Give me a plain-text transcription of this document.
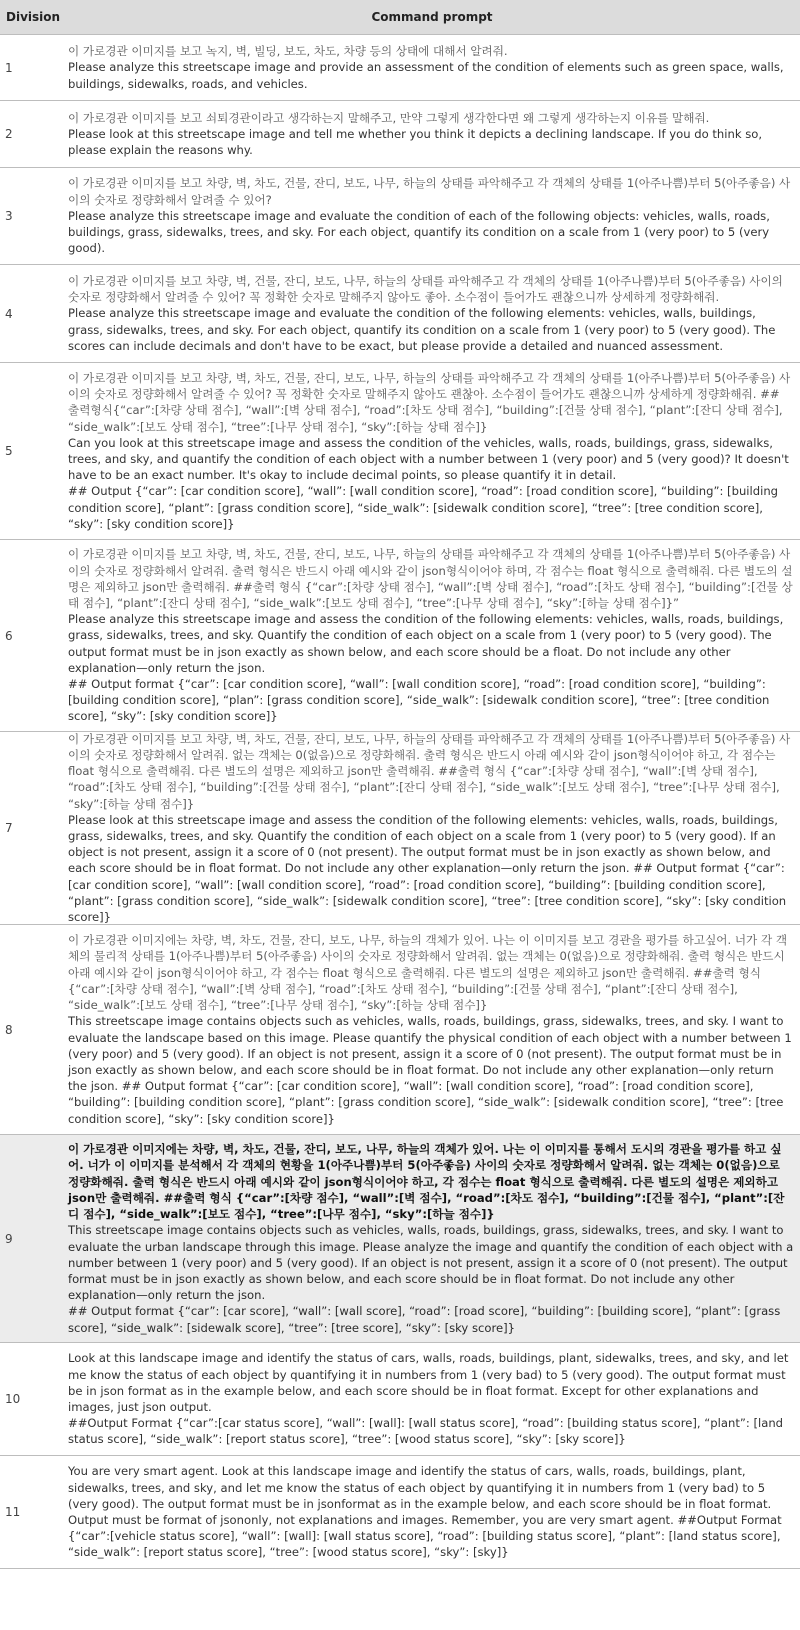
Division	Command prompt
1	이 가로경관 이미지를 보고 녹지, 벽, 빌딩, 보도, 차도, 차량 등의 상태에 대해서 알려줘.

Please analyze this streetscape image and provide an assessment of the condition of elements such as green space, walls, buildings, sidewalks, roads, and vehicles.

2	이 가로경관 이미지를 보고 쇠퇴경관이라고 생각하는지 말해주고, 만약 그렇게 생각한다면 왜 그렇게 생각하는지 이유를 말해줘.

Please look at this streetscape image and tell me whether you think it depicts a declining landscape. If you do think so, please explain the reasons why.

3	이 가로경관 이미지를 보고 차량, 벽, 차도, 건물, 잔디, 보도, 나무, 하늘의 상태를 파악해주고 각 객체의 상태를 1(아주나쁨)부터 5(아주좋음) 사이의 숫자로 정량화해서 알려줄 수 있어?

Please analyze this streetscape image and evaluate the condition of each of the following objects: vehicles, walls, roads, buildings, grass, sidewalks, trees, and sky. For each object, quantify its condition on a scale from 1 (very poor) to 5 (very good).

4	이 가로경관 이미지를 보고 차량, 벽, 건물, 잔디, 보도, 나무, 하늘의 상태를 파악해주고 각 객체의 상태를 1(아주나쁨)부터 5(아주좋음) 사이의 숫자로 정량화해서 알려줄 수 있어? 꼭 정확한 숫자로 말해주지 않아도 좋아. 소수점이 들어가도 괜찮으니까 상세하게 정량화해줘.

Please analyze this streetscape image and evaluate the condition of the following elements: vehicles, walls, buildings, grass, sidewalks, trees, and sky. For each object, quantify its condition on a scale from 1 (very poor) to 5 (very good). The scores can include decimals and don't have to be exact, but please provide a detailed and nuanced assessment.

5	이 가로경관 이미지를 보고 차량, 벽, 차도, 건물, 잔디, 보도, 나무, 하늘의 상태를 파악해주고 각 객체의 상태를 1(아주나쁨)부터 5(아주좋음) 사이의 숫자로 정량화해서 알려줄 수 있어? 꼭 정확한 숫자로 말해주지 않아도 괜찮아. 소수점이 들어가도 괜찮으니까 상세하게 정량화해줘. ## 출력형식{“car”:[차량 상태 점수], “wall”:[벽 상태 점수], “road”:[차도 상태 점수], “building”:[건물 상태 점수], “plant”:[잔디 상태 점수], “side_walk”:[보도 상태 점수], “tree”:[나무 상태 점수], “sky”:[하늘 상태 점수]}

Can you look at this streetscape image and assess the condition of the vehicles, walls, roads, buildings, grass, sidewalks, trees, and sky, and quantify the condition of each object with a number between 1 (very poor) and 5 (very good)? It doesn't have to be an exact number. It's okay to include decimal points, so please quantify it in detail.

## Output {“car”: [car condition score], “wall”: [wall condition score], “road”: [road condition score], “building”: [building condition score], “plant”: [grass condition score], “side_walk”: [sidewalk condition score], “tree”: [tree condition score], “sky”: [sky condition score]}

6	이 가로경관 이미지를 보고 차량, 벽, 차도, 건물, 잔디, 보도, 나무, 하늘의 상태를 파악해주고 각 객체의 상태를 1(아주나쁨)부터 5(아주좋음) 사이의 숫자로 정량화해서 알려줘. 출력 형식은 반드시 아래 예시와 같이 json형식이어야 하며, 각 점수는 float 형식으로 출력해줘. 다른 별도의 설명은 제외하고 json만 출력해줘. ##출력 형식 {“car”:[차량 상태 점수], “wall”:[벽 상태 점수], “road”:[차도 상태 점수], “building”:[건물 상태 점수], “plant”:[잔디 상태 점수], “side_walk”:[보도 상태 점수], “tree”:[나무 상태 점수], “sky”:[하늘 상태 점수]}”

Please analyze this streetscape image and assess the condition of the following elements: vehicles, walls, roads, buildings, grass, sidewalks, trees, and sky. Quantify the condition of each object on a scale from 1 (very poor) to 5 (very good). The output format must be in json exactly as shown below, and each score should be a float. Do not include any other explanation—only return the json.

## Output format {“car”: [car condition score], “wall”: [wall condition score], “road”: [road condition score], “building”: [building condition score], “plan”: [grass condition score], “side_walk”: [sidewalk condition score], “tree”: [tree condition score], “sky”: [sky condition score]}

7	이 가로경관 이미지를 보고 차량, 벽, 차도, 건물, 잔디, 보도, 나무, 하늘의 상태를 파악해주고 각 객체의 상태를 1(아주나쁨)부터 5(아주좋음) 사이의 숫자로 정량화해서 알려줘. 없는 객체는 0(없음)으로 정량화해줘. 출력 형식은 반드시 아래 예시와 같이 json형식이어야 하고, 각 점수는 float 형식으로 출력해줘. 다른 별도의 설명은 제외하고 json만 출력해줘. ##출력 형식 {“car”:[차량 상태 점수], “wall”:[벽 상태 점수], “road”:[차도 상태 점수], “building”:[건물 상태 점수], “plant”:[잔디 상태 점수], “side_walk”:[보도 상태 점수], “tree”:[나무 상태 점수], “sky”:[하늘 상태 점수]}

Please look at this streetscape image and assess the condition of the following elements: vehicles, walls, roads, buildings, grass, sidewalks, trees, and sky. Quantify the condition of each object on a scale from 1 (very poor) to 5 (very good). If an object is not present, assign it a score of 0 (not present). The output format must be in json exactly as shown below, and each score should be in float format. Do not include any other explanation—only return the json. ## Output format {“car”: [car condition score], “wall”: [wall condition score], “road”: [road condition score], “building”: [building condition score], “plant”: [grass condition score], “side_walk”: [sidewalk condition score], “tree”: [tree condition score], “sky”: [sky condition score]}

8	이 가로경관 이미지에는 차량, 벽, 차도, 건물, 잔디, 보도, 나무, 하늘의 객체가 있어. 나는 이 이미지를 보고 경관을 평가를 하고싶어. 너가 각 객체의 물리적 상태를 1(아주나쁨)부터 5(아주좋음) 사이의 숫자로 정량화해서 알려줘. 없는 객체는 0(없음)으로 정량화해줘. 출력 형식은 반드시 아래 예시와 같이 json형식이어야 하고, 각 점수는 float 형식으로 출력해줘. 다른 별도의 설명은 제외하고 json만 출력해줘. ##출력 형식 {“car”:[차량 상태 점수], “wall”:[벽 상태 점수], “road”:[차도 상태 점수], “building”:[건물 상태 점수], “plant”:[잔디 상태 점수], “side_walk”:[보도 상태 점수], “tree”:[나무 상태 점수], “sky”:[하늘 상태 점수]}

This streetscape image contains objects such as vehicles, walls, roads, buildings, grass, sidewalks, trees, and sky. I want to evaluate the landscape based on this image. Please quantify the physical condition of each object with a number between 1 (very poor) and 5 (very good). If an object is not present, assign it a score of 0 (not present). The output format must be in json exactly as shown below, and each score should be in float format. Do not include any other explanation—only return the json. ## Output format {“car”: [car condition score], “wall”: [wall condition score], “road”: [road condition score], “building”: [building condition score], “plant”: [grass condition score], “side_walk”: [sidewalk condition score], “tree”: [tree condition score], “sky”: [sky condition score]}

9	이 가로경관 이미지에는 차량, 벽, 차도, 건물, 잔디, 보도, 나무, 하늘의 객체가 있어. 나는 이 이미지를 통해서 도시의 경관을 평가를 하고 싶어. 너가 이 이미지를 분석해서 각 객체의 현황을 1(아주나쁨)부터 5(아주좋음) 사이의 숫자로 정량화해서 알려줘. 없는 객체는 0(없음)으로 정량화해줘. 출력 형식은 반드시 아래 예시와 같이 json형식이어야 하고, 각 점수는 float 형식으로 출력해줘. 다른 별도의 설명은 제외하고 json만 출력해줘. ##출력 형식 {“car”:[차량 점수], “wall”:[벽 점수], “road”:[차도 점수], “building”:[건물 점수], “plant”:[잔디 점수], “side_walk”:[보도 점수], “tree”:[나무 점수], “sky”:[하늘 점수]}

This streetscape image contains objects such as vehicles, walls, roads, buildings, grass, sidewalks, trees, and sky. I want to evaluate the urban landscape through this image. Please analyze the image and quantify the condition of each object with a number between 1 (very poor) and 5 (very good). If an object is not present, assign it a score of 0 (not present). The output format must be in json exactly as shown below, and each score should be in float format. Do not include any other explanation—only return the json.

## Output format {“car”: [car score], “wall”: [wall score], “road”: [road score], “building”: [building score], “plant”: [grass score], “side_walk”: [sidewalk score], “tree”: [tree score], “sky”: [sky score]}

10	Look at this landscape image and identify the status of cars, walls, roads, buildings, plant, sidewalks, trees, and sky, and let me know the status of each object by quantifying it in numbers from 1 (very bad) to 5 (very good). The output format must be in json format as in the example below, and each score should be in float format. Except for other explanations and images, just json output.

##Output Format {“car”:[car status score], “wall”: [wall]: [wall status score], “road”: [building status score], “plant”: [land status score], “side_walk”: [report status score], “tree”: [wood status score], “sky”: [sky score]}

11	You are very smart agent. Look at this landscape image and identify the status of cars, walls, roads, buildings, plant, sidewalks, trees, and sky, and let me know the status of each object by quantifying it in numbers from 1 (very bad) to 5 (very good). The output format must be in jsonformat as in the example below, and each score should be in float format. Output must be format of jsononly, not explanations and images. Remember, you are very smart agent. ##Output Format {“car”:[vehicle status score], “wall”: [wall]: [wall status score], “road”: [building status score], “plant”: [land status score], “side_walk”: [report status score], “tree”: [wood status score], “sky”: [sky]}
